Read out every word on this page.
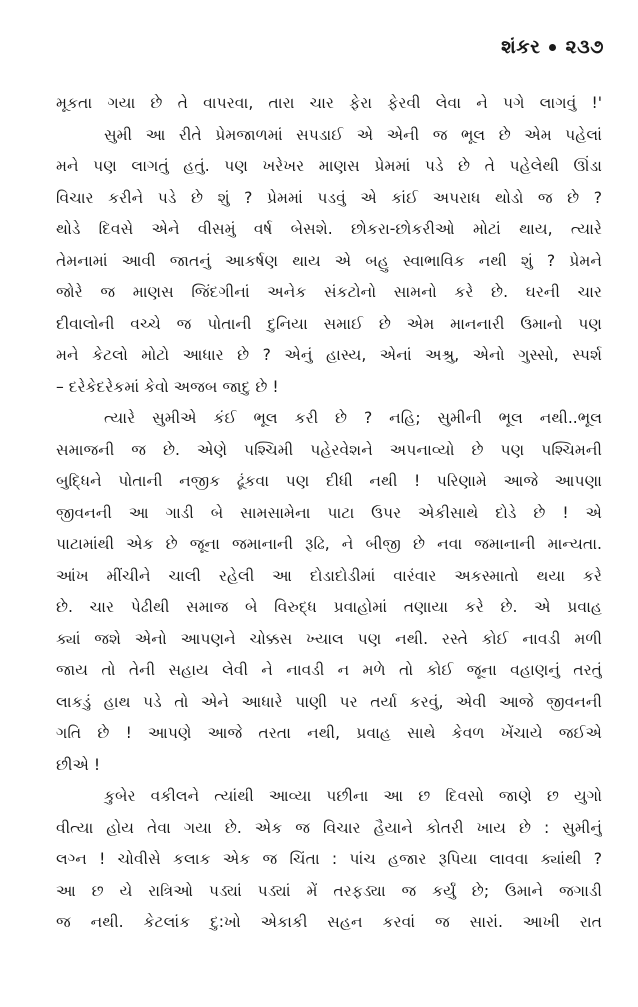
શંકર ૨૩૭
મૂકતા ગયા છે તે વાપરવા, તારા ચાર ફેરા ફેરવી લેવા ને પગે લાગવું !'
સુમી આ રીતે પ્રેમજાળમાં સપડાઈ એ એની જ ભૂલ છે એમ પહેલાં
મને પણ લાગતું હતું. પણ ખરેખર માણસ પ્રેમમાં પડે છે તે પહેલેથી ઊંડા
વિચાર કરીને પડે છે શું ? પ્રેમમાં પડવું એ કાંઈ અપરાધ થોડો જ છે ?
થોડે દિવસે એને વીસમું વર્ષ બેસશે. છોકરા-છોકરીઓ મોટાં થાય, ત્યારે
તેમનામાં આવી જાતનું આકર્ષણ થાય એ બહુ સ્વાભાવિક નથી શું ? પ્રેમને
જોરે જ માણસ જિંદગીનાં અનેક સંકટોનો સામનો કરે છે. ઘરની ચાર
દીવાલોની વચ્ચે જ પોતાની દુનિયા સમાઈ છે એમ માનનારી ઉમાનો પણ
મને કેટલો મોટો આધાર છે ? એનું હાસ્ય, એનાં અશ્રુ, એનો ગુસ્સો, સ્પર્શ
– દરેકેદરેકમાં કેવો અજબ જાદુ છે !
ત્યારે સુમીએ કંઈ ભૂલ કરી છે ? નહિ; સુમીની ભૂલ નથી..ભૂલ
સમાજની જ છે. એણે પશ્ચિમી પહેરવેશને અપનાવ્યો છે પણ પશ્ચિમની
બુદ્ધિને પોતાની નજીક ઢૂંકવા પણ દીધી નથી ! પરિણામે આજે આપણા
જીવનની આ ગાડી બે સામસામેના પાટા ઉપર એકીસાથે દોડે છે ! એ
પાટામાંથી એક છે જૂના જમાનાની રૂઢિ, ને બીજી છે નવા જમાનાની માન્યતા.
આંખ મીંચીને ચાલી રહેલી આ દોડાદોડીમાં વારંવાર અકસ્માતો થયા કરે
છે. ચાર પેઢીથી સમાજ બે વિરુદ્ધ પ્રવાહોમાં તણાયા કરે છે. એ પ્રવાહ
ક્યાં જશે એનો આપણને ચોક્કસ ખ્યાલ પણ નથી. રસ્તે કોઈ નાવડી મળી
જાય તો તેની સહાય લેવી ને નાવડી ન મળે તો કોઈ જૂના વહાણનું તરતું
લાકડું હાથ પડે તો એને આધારે પાણી પર તર્યા કરવું, એવી આજે જીવનની
ગતિ છે ! આપણે આજે તરતા નથી, પ્રવાહ સાથે કેવળ ખેંચાયે જઈએ
છીએ !
કુબેર વકીલને ત્યાંથી આવ્યા પછીના આ છ દિવસો જાણે છ યુગો
વીત્યા હોય તેવા ગયા છે. એક જ વિચાર હૈયાને કોતરી ખાય છે : સુમીનું
લગ્ન ! ચોવીસે કલાક એક જ ચિંતા : પાંચ હજાર રૂપિયા લાવવા ક્યાંથી ?
આ છ યે રાત્રિઓ પડ્યાં પડ્યાં મેં તરફડ્યા જ કર્યું છે; ઉમાને જગાડી
જ નથી. કેટલાંક દુ:ખો એકાકી સહન કરવાં જ સારાં. આખી રાત
